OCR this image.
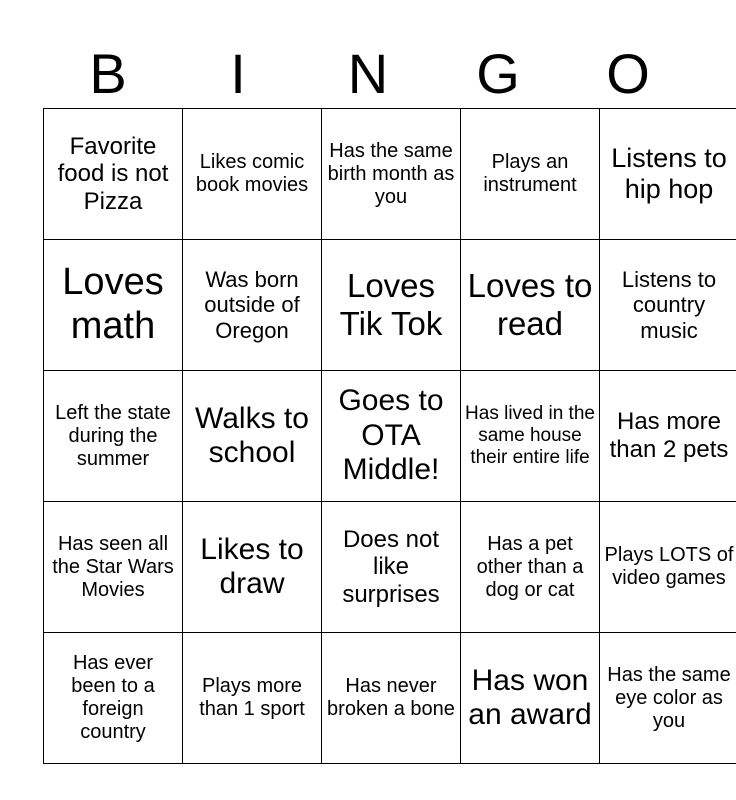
B	I	N	G	O
Favorite food is not Pizza	Likes comic book movies	Has the same birth month as you	Plays an instrument	Listens to hip hop
Loves math	Was born outside of Oregon	Loves Tik Tok	Loves to read	Listens to country music
Left the state during the summer	Walks to school	Goes to OTA Middle!	Has lived in the same house their entire life	Has more than 2 pets
Has seen all the Star Wars Movies	Likes to draw	Does not like surprises	Has a pet other than a dog or cat	Plays LOTS of video games
Has ever been to a foreign country	Plays more than 1 sport	Has never broken a bone	Has won an award	Has the same eye color as you
